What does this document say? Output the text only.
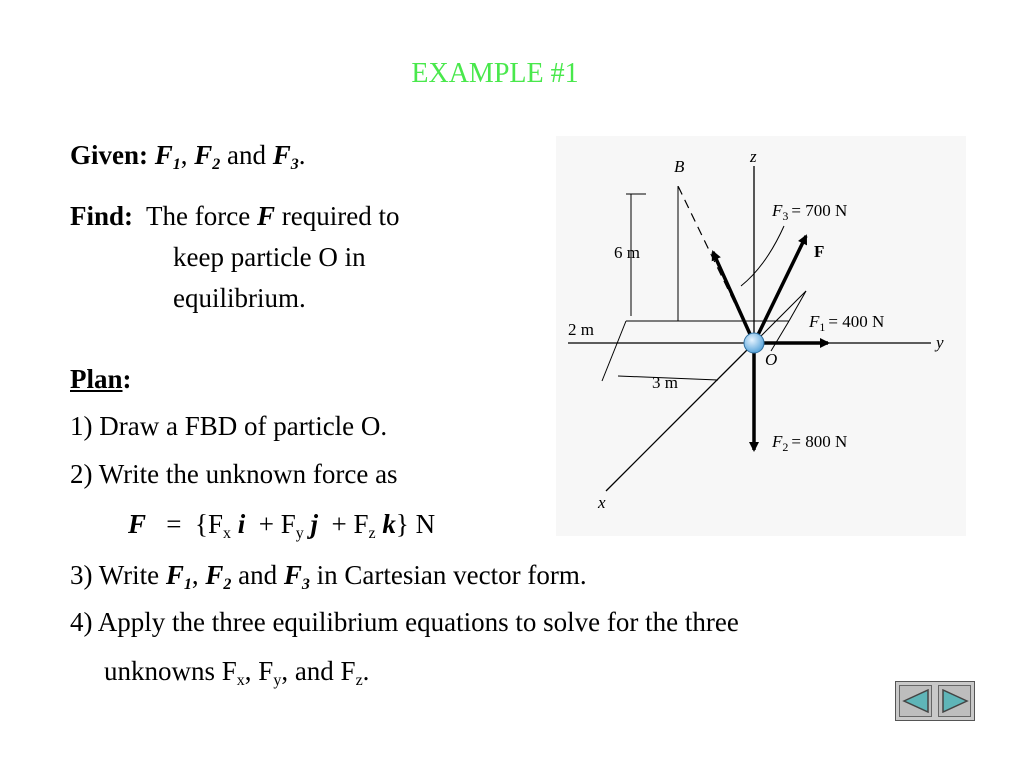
EXAMPLE #1
Given: $F_1$, $F_2$ and $F_3$.
Find: The force F required to
keep particle O in
equilibrium.
Plan:
1) Draw a FBD of particle O.
2) Write the unknown force as
$F = \{F_x$ $i + F_y$ $j + F_z$ k} N
3) Write $F_1$, $F_2$ and $F_3$ in Cartesian vector form.
4) Apply the three equilibrium equations to solve for the three
unknowns $F_x$, $F_y$, and $F_z$.
6 m
2 m
3 m
B
z
y
x
O
F
$F_3 = 700$ N
$F_1 = 400$ N
$F_2 = 800$ N
